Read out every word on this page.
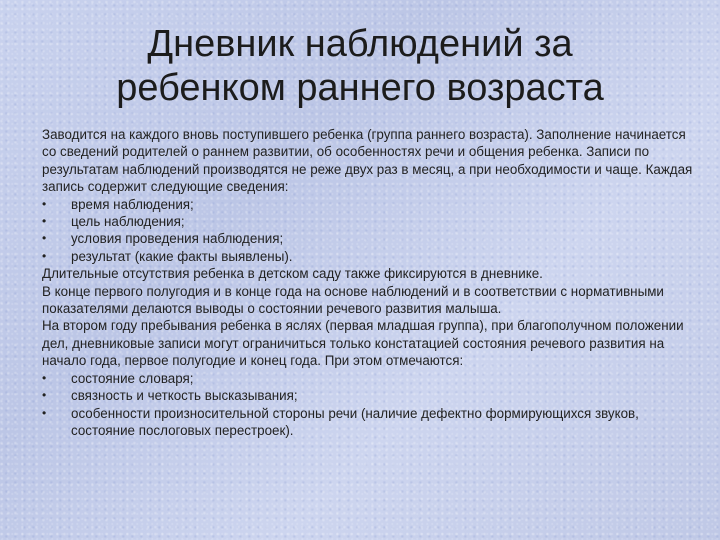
Дневник наблюдений за
ребенком раннего возраста

Заводится на каждого вновь поступившего ребенка (группа раннего возраста). Заполнение начинается со сведений родителей о раннем развитии, об особенностях речи и общения ребенка. Записи по результатам наблюдений производятся не реже двух раз в месяц, а при необходимости и чаще. Каждая запись содержит следующие сведения:

• время наблюдения;

• цель наблюдения;

• условия проведения наблюдения;

• результат (какие факты выявлены).

Длительные отсутствия ребенка в детском саду также фиксируются в дневнике.

В конце первого полугодия и в конце года на основе наблюдений и в соответствии с нормативными показателями делаются выводы о состоянии речевого развития малыша.

На втором году пребывания ребенка в яслях (первая младшая группа), при благополучном положении дел, дневниковые записи могут ограничиться только констатацией состояния речевого развития на начало года, первое полугодие и конец года. При этом отмечаются:

• состояние словаря;

• связность и четкость высказывания;

• особенности произносительной стороны речи (наличие дефектно формирующихся звуков, состояние послоговых перестроек).
